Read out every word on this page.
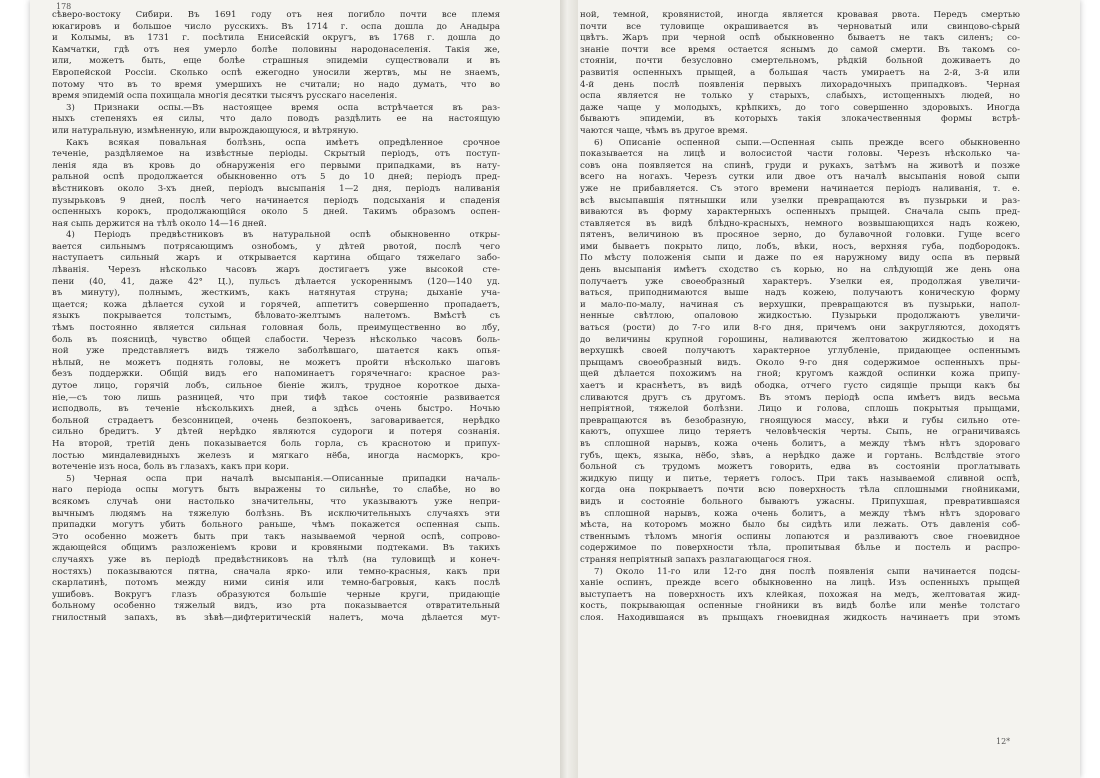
178
12*
сѣверо-востоку Сибири. Въ 1691 году отъ нея погибло почти все племя
юкагировъ и большое число русскихъ. Въ 1714 г. оспа дошла до Анадыра
и Колымы, въ 1731 г. посѣтила Енисейскій округъ, въ 1768 г. дошла до
Камчатки, гдѣ отъ нея умерло болѣе половины народонаселенія. Такія же,
или, можетъ быть, еще болѣе страшныя эпидеміи существовали и въ
Европейской Россіи. Сколько оспѣ ежегодно уносили жертвъ, мы не знаемъ,
потому что въ то время умершихъ не считали; но надо думать, что во
время эпидемій оспа похищала многія десятки тысячъ русскаго населенія.
3) Признаки оспы.—Въ настоящее время оспа встрѣчается въ раз-
ныхъ степеняхъ ея силы, что дало поводъ раздѣлить ее на настоящую
или натуральную, измѣненную, или вырождающуюся, и вѣтряную.
Какъ всякая повальная болѣзнь, оспа имѣетъ опредѣленное срочное
теченіе, раздѣляемое на извѣстные періоды. Скрытый періодъ, отъ поступ-
ленія яда въ кровь до обнаруженія его первыми припадками, въ нату-
ральной оспѣ продолжается обыкновенно отъ 5 до 10 дней; періодъ пред-
вѣстниковъ около 3-хъ дней, періодъ высыпанія 1—2 дня, періодъ наливанія
пузырьковъ 9 дней, послѣ чего начинается періодъ подсыханія и спаденія
оспенныхъ корокъ, продолжающійся около 5 дней. Такимъ образомъ оспен-
ная сыпь держится на тѣлѣ около 14—16 дней.
4) Періодъ предвѣстниковъ въ натуральной оспѣ обыкновенно откры-
вается сильнымъ потрясающимъ ознобомъ, у дѣтей рвотой, послѣ чего
наступаетъ сильный жаръ и открывается картина общаго тяжелаго забо-
лѣванія. Черезъ нѣсколько часовъ жаръ достигаетъ уже высокой сте-
пени (40, 41, даже 42° Ц.), пульсъ дѣлается ускореннымъ (120—140 уд.
въ минуту), полнымъ, жесткимъ, какъ натянутая струна; дыханіе уча-
щается; кожа дѣлается сухой и горячей, аппетитъ совершенно пропадаетъ,
языкъ покрывается толстымъ, бѣловато-желтымъ налетомъ. Вмѣстѣ съ
тѣмъ постоянно является сильная головная боль, преимущественно во лбу,
боль въ поясницѣ, чувство общей слабости. Черезъ нѣсколько часовъ боль-
ной уже представляетъ видъ тяжело заболѣвшаго, шатается какъ опья-
нѣлый, не можетъ поднять головы, не можетъ пройти нѣсколько шаговъ
безъ поддержки. Общій видъ его напоминаетъ горячечнаго: красное раз-
дутое лицо, горячій лобъ, сильное біеніе жилъ, трудное короткое дыха-
ніе,—съ тою лишь разницей, что при тифѣ такое состояніе развивается
исподволь, въ теченіе нѣсколькихъ дней, а здѣсь очень быстро. Ночью
больной страдаетъ безсонницей, очень безпокоенъ, заговаривается, нерѣдко
сильно бредитъ. У дѣтей нерѣдко являются судороги и потеря сознанія.
На второй, третій день показывается боль горла, съ краснотою и припух-
лостью миндалевидныхъ железъ и мягкаго нёба, иногда насморкъ, кро-
вотеченіе изъ носа, боль въ глазахъ, какъ при кори.
5) Черная оспа при началѣ высыпанія.—Описанные припадки началь-
наго періода оспы могутъ быть выражены то сильнѣе, то слабѣе, но во
всякомъ случаѣ они настолько значительны, что указываютъ уже непри-
вычнымъ людямъ на тяжелую болѣзнь. Въ исключительныхъ случаяхъ эти
припадки могутъ убить больного раньше, чѣмъ покажется оспенная сыпь.
Это особенно можетъ быть при такъ называемой черной оспѣ, сопрово-
ждающейся общимъ разложеніемъ крови и кровяными подтеками. Въ такихъ
случаяхъ уже въ періодѣ предвѣстниковъ на тѣлѣ (на туловищѣ и конеч-
ностяхъ) показываются пятна, сначала ярко- или темно-красныя, какъ при
скарлатинѣ, потомъ между ними синія или темно-багровыя, какъ послѣ
ушибовъ. Вокругъ глазъ образуются большіе черные круги, придающіе
больному особенно тяжелый видъ, изо рта показывается отвратительный
гнилостный запахъ, въ зѣвѣ—дифтеритическій налетъ, моча дѣлается мут-
ной, темной, кровянистой, иногда является кровавая рвота. Передъ смертью
почти все туловище окрашивается въ черноватый или свинцово-сѣрый
цвѣтъ. Жаръ при черной оспѣ обыкновенно бываетъ не такъ силенъ; со-
знаніе почти все время остается яснымъ до самой смерти. Въ такомъ со-
стояніи, почти безусловно смертельномъ, рѣдкій больной доживаетъ до
развитія оспенныхъ прыщей, а большая часть умираетъ на 2-й, 3-й или
4-й день послѣ появленія первыхъ лихорадочныхъ припадковъ. Черная
оспа является не только у старыхъ, слабыхъ, истощенныхъ людей, но
даже чаще у молодыхъ, крѣпкихъ, до того совершенно здоровыхъ. Иногда
бываютъ эпидеміи, въ которыхъ такія злокачественныя формы встрѣ-
чаются чаще, чѣмъ въ другое время.
6) Описаніе оспенной сыпи.—Оспенная сыпь прежде всего обыкновенно
показывается на лицѣ и волосистой части головы. Черезъ нѣсколько ча-
совъ она появляется на спинѣ, груди и рукахъ, затѣмъ на животѣ и позже
всего на ногахъ. Черезъ сутки или двое отъ началѣ высыпанія новой сыпи
уже не прибавляется. Съ этого времени начинается періодъ наливанія, т. е.
всѣ высыпавшія пятнышки или узелки превращаются въ пузырьки и раз-
виваются въ форму характерныхъ оспенныхъ прыщей. Сначала сыпь пред-
ставляется въ видѣ блѣдно-красныхъ, немного возвышающихся надъ кожею,
пятенъ, величиною въ просяное зерно, до булавочной головки. Гуще всего
ими бываетъ покрыто лицо, лобъ, вѣки, носъ, верхняя губа, подбородокъ.
По мѣсту положенія сыпи и даже по ея наружному виду оспа въ первый
день высыпанія имѣетъ сходство съ корью, но на слѣдующій же день она
получаетъ уже своеобразный характеръ. Узелки ея, продолжая увеличи-
ваться, приподнимаются выше надъ кожею, получаютъ коническую форму
и мало-по-малу, начиная съ верхушки, превращаются въ пузырьки, напол-
ненные свѣтлою, опаловою жидкостью. Пузырьки продолжаютъ увеличи-
ваться (рости) до 7-го или 8-го дня, причемъ они закругляются, доходятъ
до величины крупной горошины, наливаются желтоватою жидкостью и на
верхушкѣ своей получаютъ характерное углубленіе, придающее оспеннымъ
прыщамъ своеобразный видъ. Около 9-го дня содержимое оспенныхъ пры-
щей дѣлается похожимъ на гной; кругомъ каждой оспинки кожа припу-
хаетъ и краснѣетъ, въ видѣ ободка, отчего густо сидящіе прыщи какъ бы
сливаются другъ съ другомъ. Въ этомъ періодѣ оспа имѣетъ видъ весьма
непріятной, тяжелой болѣзни. Лицо и голова, сплошь покрытыя прыщами,
превращаются въ безобразную, гноящуюся массу, вѣки и губы сильно оте-
каютъ, опухшее лицо теряетъ человѣческія черты. Сыпь, не ограничиваясь
въ сплошной нарывъ, кожа очень болитъ, а между тѣмъ нѣтъ здороваго
губъ, щекъ, языка, нёбо, зѣвъ, а нерѣдко даже и гортань. Вслѣдствіе этого
больной съ трудомъ можетъ говорить, едва въ состояніи проглатывать
жидкую пищу и питье, теряетъ голосъ. При такъ называемой сливной оспѣ,
когда она покрываетъ почти всю поверхность тѣла сплошными гнойниками,
видъ и состояніе больного бываютъ ужасны. Припухшая, превратившаяся
въ сплошной нарывъ, кожа очень болитъ, а между тѣмъ нѣтъ здороваго
мѣста, на которомъ можно было бы сидѣть или лежать. Отъ давленія соб-
ственнымъ тѣломъ многія оспины лопаются и разливаютъ свое гноевидное
содержимое по поверхности тѣла, пропитывая бѣлье и постель и распро-
страняя непріятный запахъ разлагающагося гноя.
7) Около 11-го или 12-го дня послѣ появленія сыпи начинается подсы-
ханіе оспинъ, прежде всего обыкновенно на лицѣ. Изъ оспенныхъ прыщей
выступаетъ на поверхность ихъ клейкая, похожая на медъ, желтоватая жид-
кость, покрывающая оспенные гнойники въ видѣ болѣе или менѣе толстаго
слоя. Находившаяся въ прыщахъ гноевидная жидкость начинаетъ при этомъ
